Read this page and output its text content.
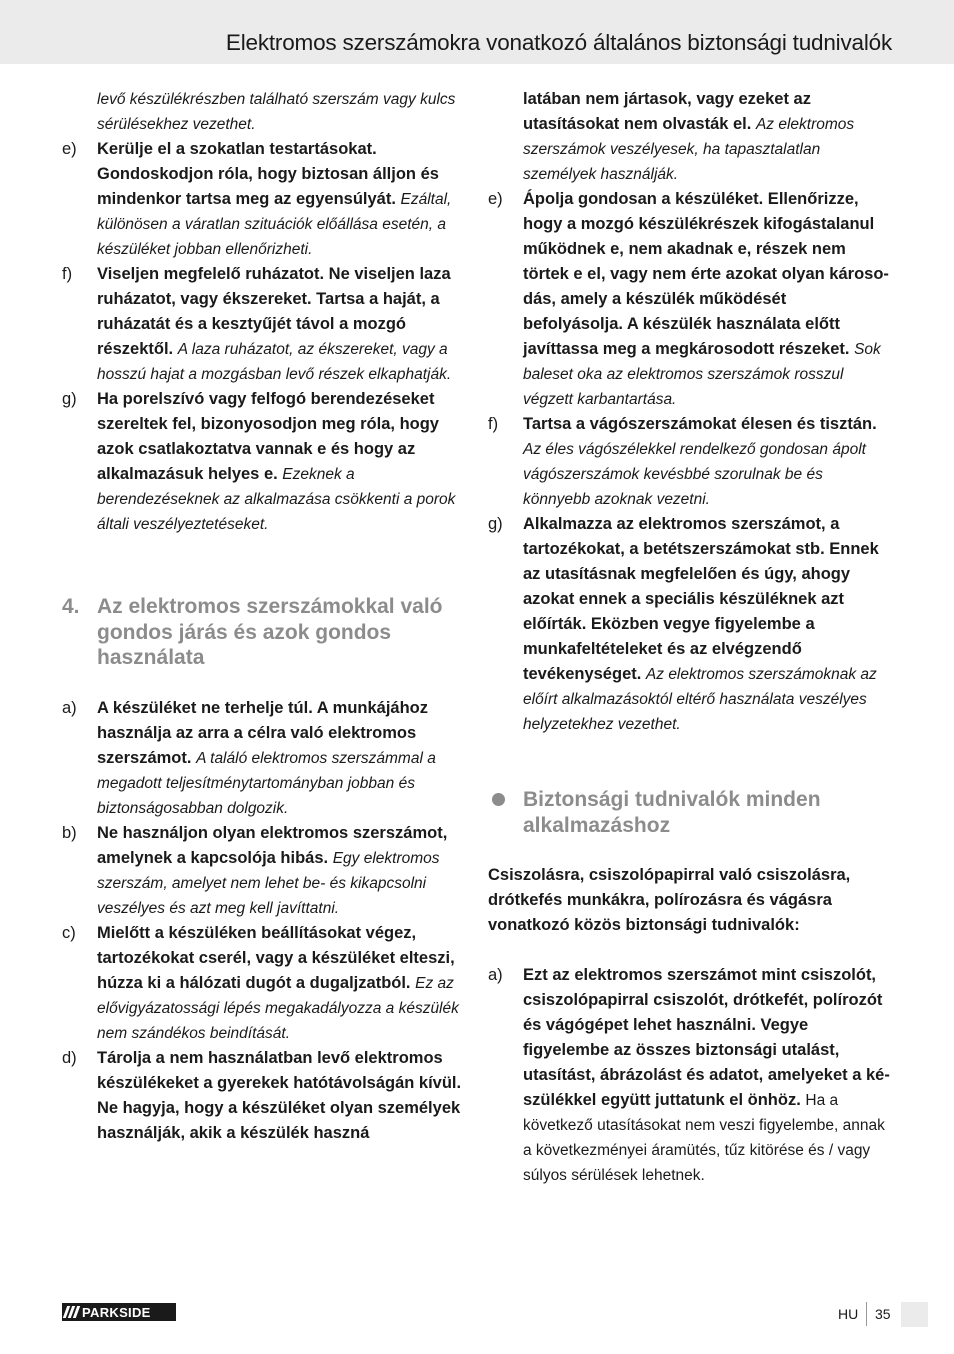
Elektromos szerszámokra vonatkozó általános biztonsági tudnivalók
levő készülékrészben található szerszám vagy kulcs sérülésekhez vezethet.
e) Kerülje el a szokatlan testartásokat. Gondoskodjon róla, hogy biztosan álljon és mindenkor tartsa meg az egyensúlyát. Ezáltal, különösen a váratlan szituációk előállása esetén, a készüléket jobban ellenőrizheti.
f) Viseljen megfelelő ruházatot. Ne viseljen laza ruházatot, vagy ékszereket. Tartsa a haját, a ruházatát és a kesztyűjét távol a mozgó részektől. A laza ruházatot, az ékszereket, vagy a hosszú hajat a mozgásban levő részek elkaphatják.
g) Ha porelszívó vagy felfogó berendezéseket szereltek fel, bizonyosodjon meg róla, hogy azok csatlakoztatva vannak e és hogy az alkalmazásuk helyes e. Ezeknek a berendezéseknek az alkalmazása csökkenti a porok általi veszélyeztetéseket.
4. Az elektromos szerszámokkal való gondos járás és azok gondos használata
a) A készüléket ne terhelje túl. A munkájához használja az arra a célra való elektromos szerszámot. A találó elektromos szerszámmal a megadott teljesítménytartományban jobban és biztonságosabban dolgozik.
b) Ne használjon olyan elektromos szerszámot, amelynek a kapcsolója hibás. Egy elektromos szerszám, amelyet nem lehet be- és kikapcsolni veszélyes és azt meg kell javíttatni.
c) Mielőtt a készüléken beállításokat végez, tartozékokat cserél, vagy a készüléket elteszi, húzza ki a hálózati dugót a dugaljzatból. Ez az elővigyázatossági lépés megakadályozza a készülék nem szándékos beindítását.
d) Tárolja a nem használatban levő elektromos készülékeket a gyerekek hatótávolságán kívül. Ne hagyja, hogy a készüléket olyan személyek használják, akik a készülék haszná
latában nem jártasok, vagy ezeket az utasításokat nem olvasták el. Az elektromos szerszámok veszélyesek, ha tapasztalatlan személyek használják.
e) Ápolja gondosan a készüléket. Ellenőrizze, hogy a mozgó készülékrészek kifogástalanul működnek e, nem akadnak e, részek nem törtek e el, vagy nem érte azokat olyan károsodás, amely a készülék működését befolyásolja. A készülék használata előtt javíttassa meg a megkárosodott részeket. Sok baleset oka az elektromos szerszámok rosszul végzett karbantartása.
f) Tartsa a vágószerszámokat élesen és tisztán. Az éles vágószélekkel rendelkező gondosan ápolt vágószerszámok kevésbbé szorulnak be és könnyebb azoknak vezetni.
g) Alkalmazza az elektromos szerszámot, a tartozékokat, a betétszerszámokat stb. Ennek az utasításnak megfelelően és úgy, ahogy azokat ennek a speciális készüléknek azt előírták. Eközben vegye figyelembe a munkafeltételeket és az elvégzendő tevékenységet. Az elektromos szerszámoknak az előírt alkalmazásoktól eltérő használata veszélyes helyzetekhez vezethet.
Biztonsági tudnivalók minden alkalmazáshoz
Csiszolásra, csiszolópapirral való csiszolásra, drótkefés munkákra, polírozásra és vágásra vonatkozó közös biztonsági tudnivalók:
a) Ezt az elektromos szerszámot mint csiszolót, csiszolópapirral csiszolót, drótkefét, polírozót és vágógépet lehet használni. Vegye figyelembe az összes biztonsági utalást, utasítást, ábrázolást és adatot, amelyeket a készülékkel együtt juttatunk el önhöz. Ha a következő utasításokat nem veszi figyelembe, annak a következményei áramütés, tűz kitörése és / vagy súlyos sérülések lehetnek.
PARKSIDE	HU 35
